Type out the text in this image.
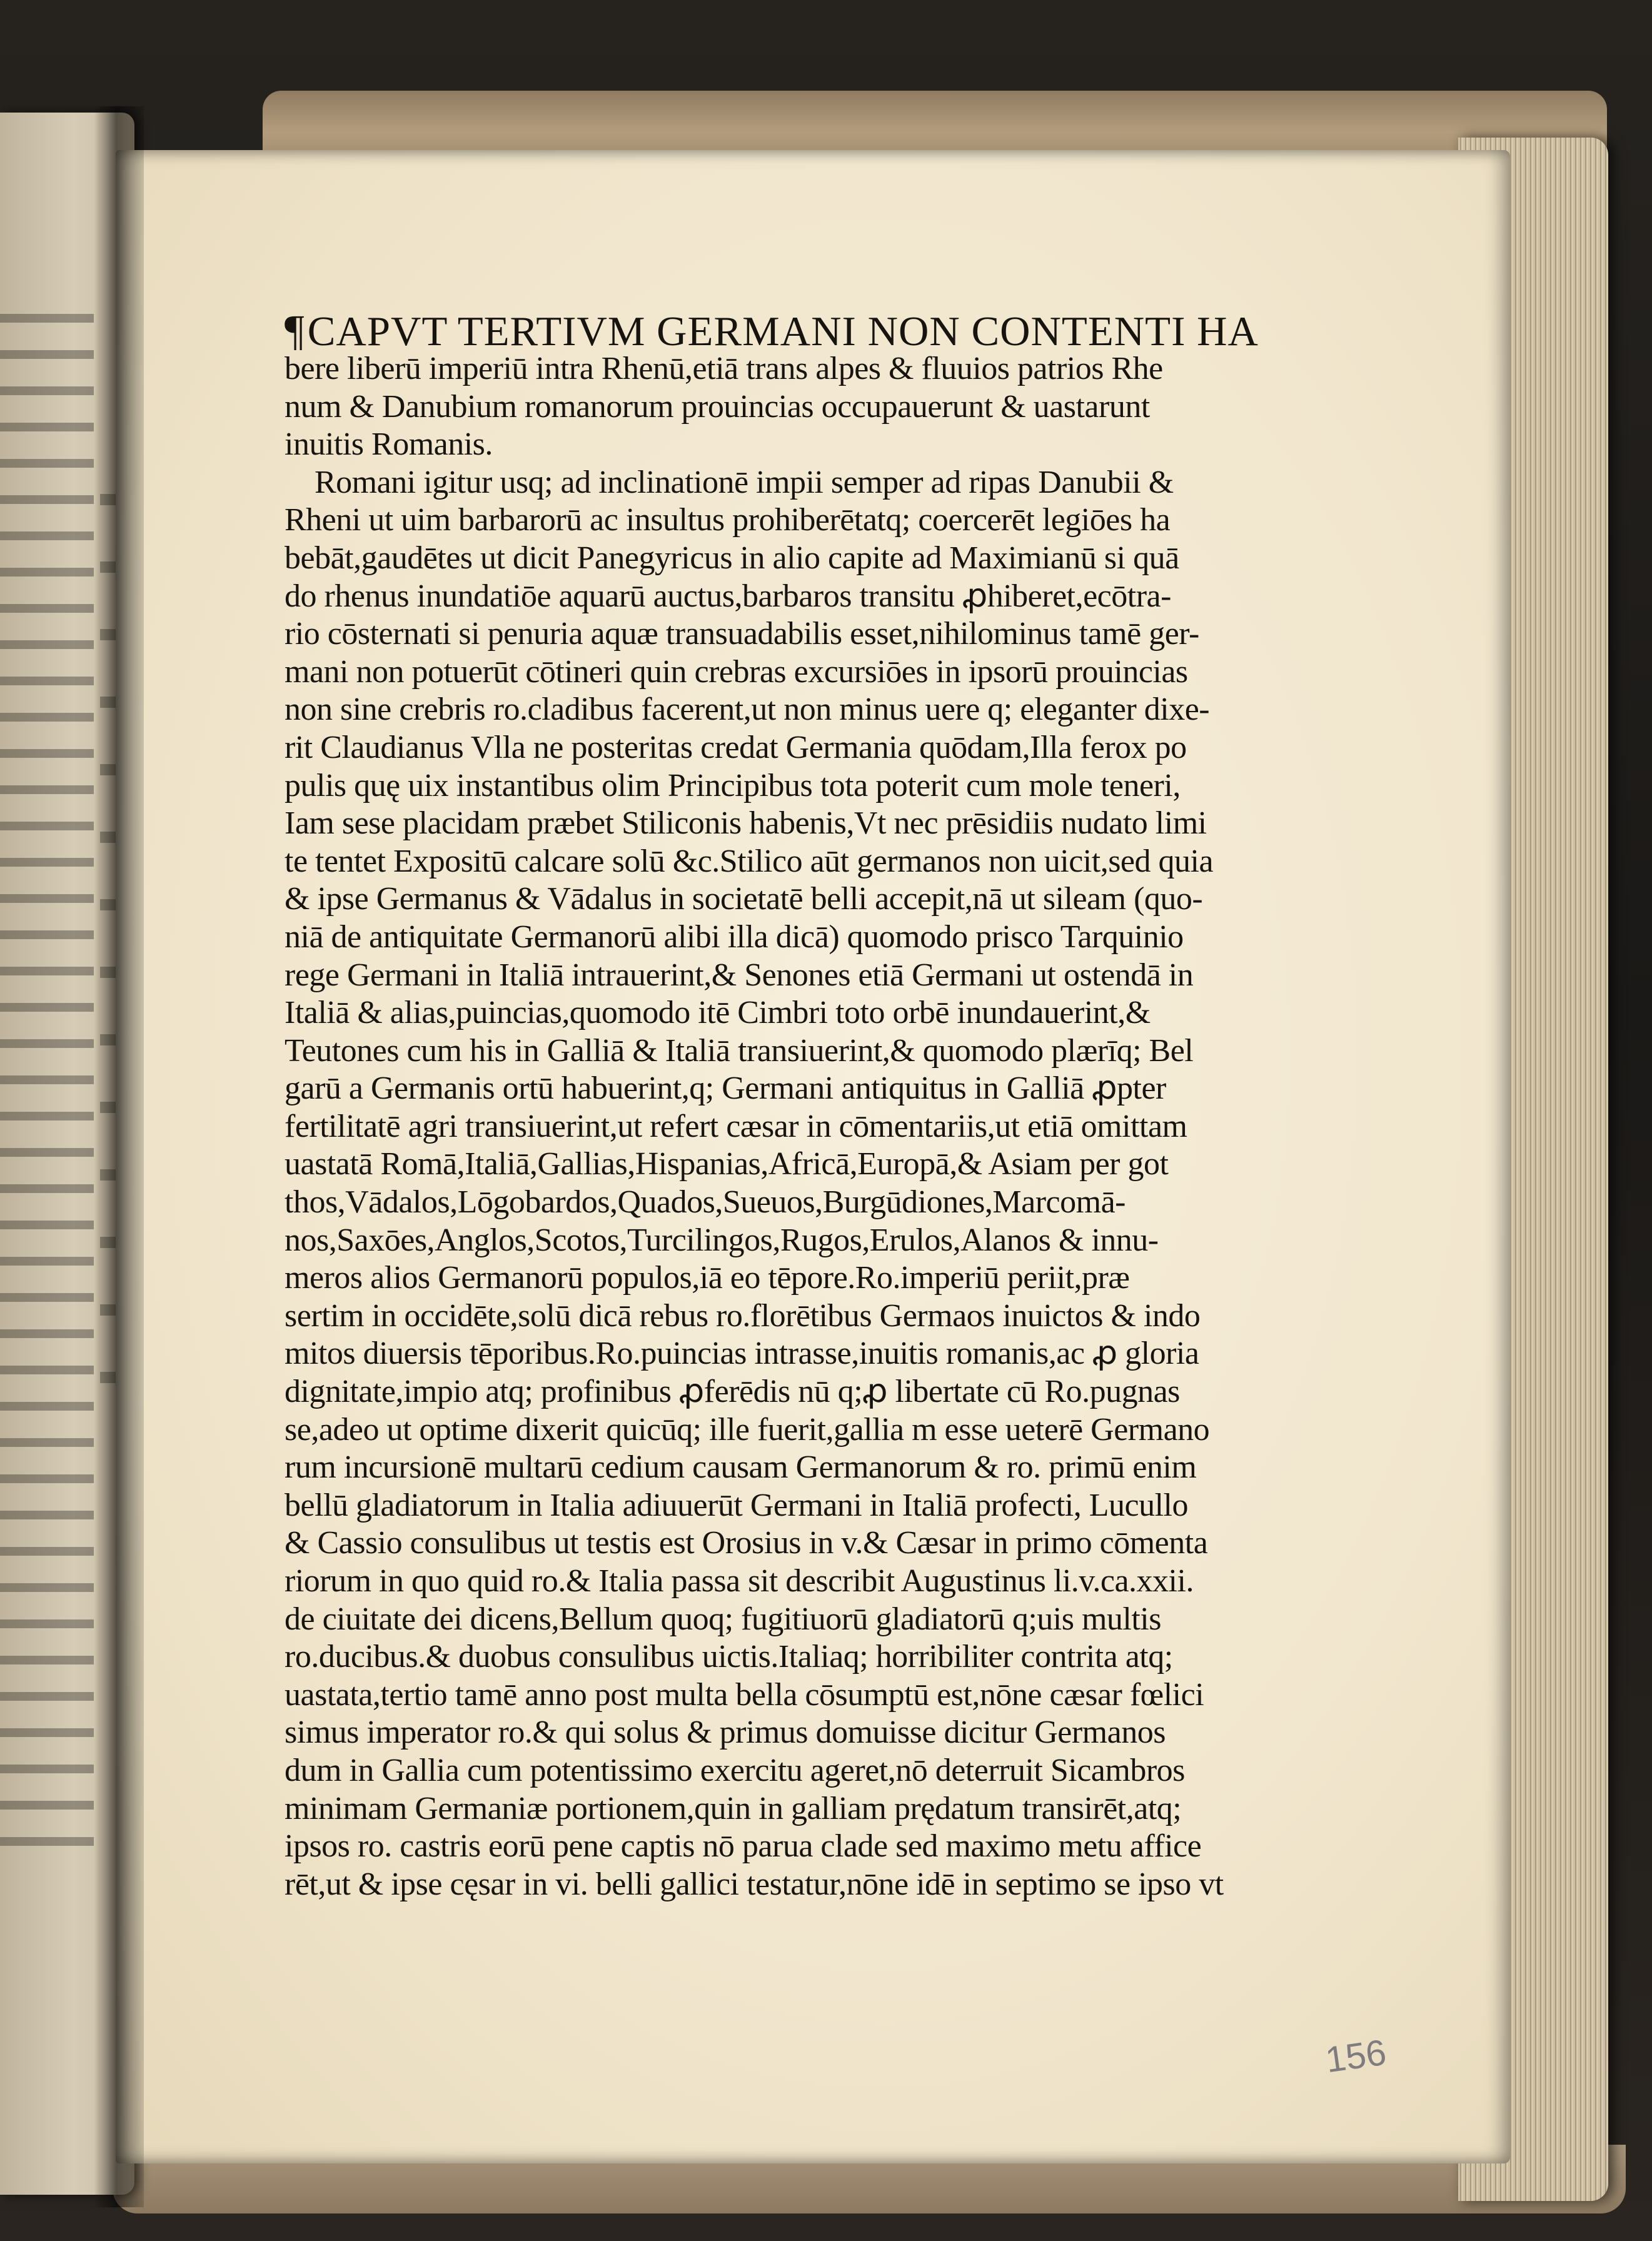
¶CAPVT TERTIVM GERMANI NON CONTENTI HA

bere liberū imperiū intra Rhenū,etiā trans alpes & fluuios patrios Rhe

num & Danubium romanorum prouincias occupauerunt & uastarunt

inuitis Romanis.

Romani igitur usq; ad inclinationē impii semper ad ripas Danubii &

Rheni ut uim barbarorū ac insultus prohiberētatq; coercerēt legiōes ha

bebāt,gaudētes ut dicit Panegyricus in alio capite ad Maximianū si quā

do rhenus inundatiōe aquarū auctus,barbaros transitu ꝓhiberet,ecōtra-

rio cōsternati si penuria aquæ transuadabilis esset,nihilominus tamē ger-

mani non potuerūt cōtineri quin crebras excursiōes in ipsorū prouincias

non sine crebris ro.cladibus facerent,ut non minus uere q; eleganter dixe-

rit Claudianus Vlla ne posteritas credat Germania quōdam,Illa ferox po

pulis quę uix instantibus olim Principibus tota poterit cum mole teneri,

Iam sese placidam præbet Stiliconis habenis,Vt nec prēsidiis nudato limi

te tentet Expositū calcare solū &c.Stilico aūt germanos non uicit,sed quia

& ipse Germanus & Vādalus in societatē belli accepit,nā ut sileam (quo-

niā de antiquitate Germanorū alibi illa dicā) quomodo prisco Tarquinio

rege Germani in Italiā intrauerint,& Senones etiā Germani ut ostendā in

Italiā & alias,puincias,quomodo itē Cimbri toto orbē inundauerint,&

Teutones cum his in Galliā & Italiā transiuerint,& quomodo plærīq; Bel

garū a Germanis ortū habuerint,q; Germani antiquitus in Galliā ꝓpter

fertilitatē agri transiuerint,ut refert cæsar in cōmentariis,ut etiā omittam

uastatā Romā,Italiā,Gallias,Hispanias,Africā,Europā,& Asiam per got

thos,Vādalos,Lōgobardos,Quados,Sueuos,Burgūdiones,Marcomā-

nos,Saxōes,Anglos,Scotos,Turcilingos,Rugos,Erulos,Alanos & innu-

meros alios Germanorū populos,iā eo tēpore.Ro.imperiū periit,præ

sertim in occidēte,solū dicā rebus ro.florētibus Germaos inuictos & indo

mitos diuersis tēporibus.Ro.puincias intrasse,inuitis romanis,ac ꝓ gloria

dignitate,impio atq; profinibus ꝓferēdis nū q;ꝓ libertate cū Ro.pugnas

se,adeo ut optime dixerit quicūq; ille fuerit,gallia m esse ueterē Germano

rum incursionē multarū cedium causam Germanorum & ro. primū enim

bellū gladiatorum in Italia adiuuerūt Germani in Italiā profecti, Lucullo

& Cassio consulibus ut testis est Orosius in v.& Cæsar in primo cōmenta

riorum in quo quid ro.& Italia passa sit describit Augustinus li.v.ca.xxii.

de ciuitate dei dicens,Bellum quoq; fugitiuorū gladiatorū q;uis multis

ro.ducibus.& duobus consulibus uictis.Italiaq; horribiliter contrita atq;

uastata,tertio tamē anno post multa bella cōsumptū est,nōne cæsar fœlici

simus imperator ro.& qui solus & primus domuisse dicitur Germanos

dum in Gallia cum potentissimo exercitu ageret,nō deterruit Sicambros

minimam Germaniæ portionem,quin in galliam prędatum transirēt,atq;

ipsos ro. castris eorū pene captis nō parua clade sed maximo metu affice

rēt,ut & ipse cęsar in vi. belli gallici testatur,nōne idē in septimo se ipso vt

156
